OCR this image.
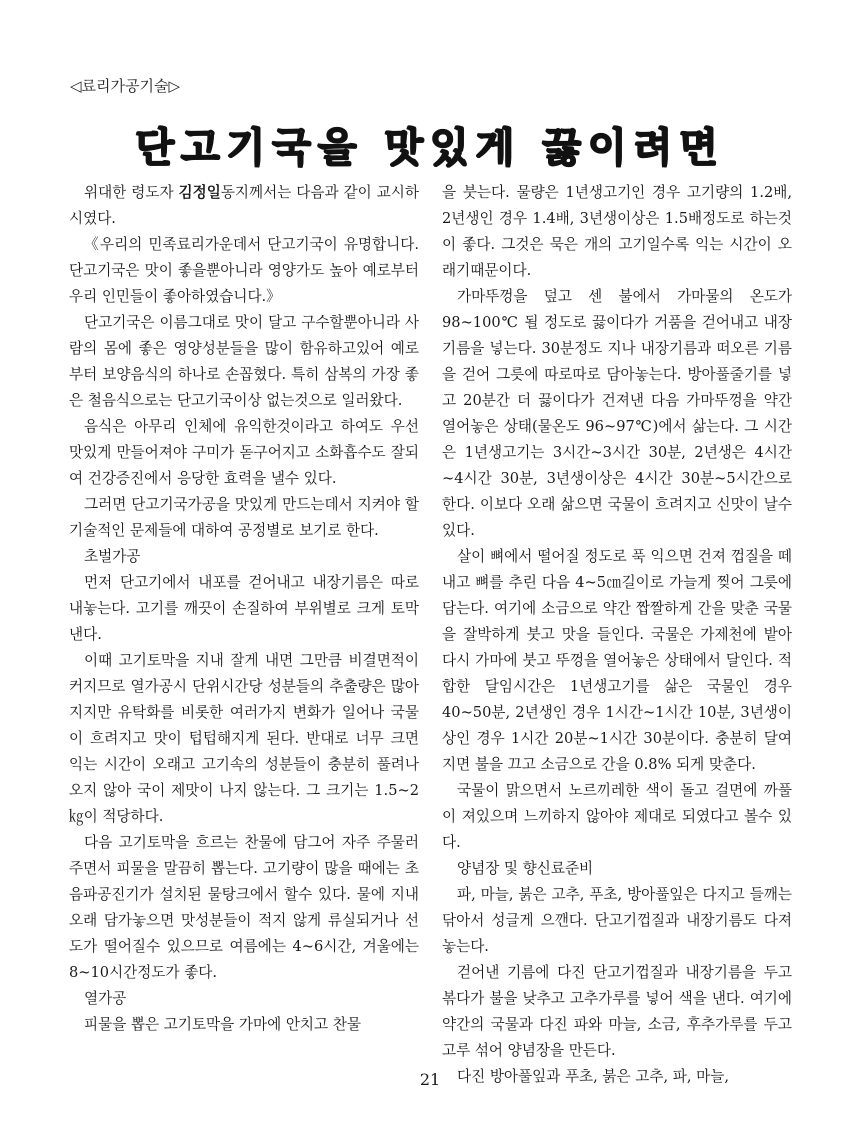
◁료리가공기술▷
단고기국을 맛있게 끓이려면

위대한 령도자 김정일동지께서는 다음과 같이 교시하시였다.

《우리의 민족료리가운데서 단고기국이 유명합니다. 단고기국은 맛이 좋을뿐아니라 영양가도 높아 예로부터 우리 인민들이 좋아하였습니다.》

단고기국은 이름그대로 맛이 달고 구수할뿐아니라 사람의 몸에 좋은 영양성분들을 많이 함유하고있어 예로부터 보양음식의 하나로 손꼽혔다. 특히 삼복의 가장 좋은 철음식으로는 단고기국이상 없는것으로 일러왔다.

음식은 아무리 인체에 유익한것이라고 하여도 우선 맛있게 만들어져야 구미가 돋구어지고 소화흡수도 잘되여 건강증진에서 응당한 효력을 낼수 있다.

그러면 단고기국가공을 맛있게 만드는데서 지켜야 할 기술적인 문제들에 대하여 공정별로 보기로 한다.

초벌가공

먼저 단고기에서 내포를 걷어내고 내장기름은 따로 내놓는다. 고기를 깨끗이 손질하여 부위별로 크게 토막낸다.

이때 고기토막을 지내 잘게 내면 그만큼 비결면적이 커지므로 열가공시 단위시간당 성분들의 추출량은 많아지지만 유탁화를 비롯한 여러가지 변화가 일어나 국물이 흐려지고 맛이 텁텁해지게 된다. 반대로 너무 크면 익는 시간이 오래고 고기속의 성분들이 충분히 풀려나오지 않아 국이 제맛이 나지 않는다. 그 크기는 1.5~2㎏이 적당하다.

다음 고기토막을 흐르는 찬물에 담그어 자주 주물러주면서 피물을 말끔히 뽑는다. 고기량이 많을 때에는 초음파공진기가 설치된 물탕크에서 할수 있다. 물에 지내 오래 담가놓으면 맛성분들이 적지 않게 류실되거나 선도가 떨어질수 있으므로 여름에는 4~6시간, 겨울에는 8~10시간정도가 좋다.

열가공

피물을 뽑은 고기토막을 가마에 안치고 찬물

을 붓는다. 물량은 1년생고기인 경우 고기량의 1.2배, 2년생인 경우 1.4배, 3년생이상은 1.5배정도로 하는것이 좋다. 그것은 묵은 개의 고기일수록 익는 시간이 오래기때문이다.

가마뚜껑을 덮고 센 불에서 가마물의 온도가 98~100℃ 될 정도로 끓이다가 거품을 걷어내고 내장기름을 넣는다. 30분정도 지나 내장기름과 떠오른 기름을 걷어 그릇에 따로따로 담아놓는다. 방아풀줄기를 넣고 20분간 더 끓이다가 건져낸 다음 가마뚜껑을 약간 열어놓은 상태(물온도 96~97℃)에서 삶는다. 그 시간은 1년생고기는 3시간~3시간 30분, 2년생은 4시간~4시간 30분, 3년생이상은 4시간 30분~5시간으로 한다. 이보다 오래 삶으면 국물이 흐려지고 신맛이 날수 있다.

살이 뼈에서 떨어질 정도로 푹 익으면 건져 껍질을 떼내고 뼈를 추린 다음 4~5㎝길이로 가늘게 찢어 그릇에 담는다. 여기에 소금으로 약간 짭짤하게 간을 맞춘 국물을 잘박하게 붓고 맛을 들인다. 국물은 가제천에 밭아 다시 가마에 붓고 뚜껑을 열어놓은 상태에서 달인다. 적합한 달임시간은 1년생고기를 삶은 국물인 경우 40~50분, 2년생인 경우 1시간~1시간 10분, 3년생이상인 경우 1시간 20분~1시간 30분이다. 충분히 달여지면 불을 끄고 소금으로 간을 0.8% 되게 맞춘다.

국물이 맑으면서 노르끼레한 색이 돌고 걸면에 까풀이 져있으며 느끼하지 않아야 제대로 되였다고 볼수 있다.

양념장 및 향신료준비

파, 마늘, 붉은 고추, 푸초, 방아풀잎은 다지고 들깨는 닦아서 성글게 으깬다. 단고기껍질과 내장기름도 다져놓는다.

걷어낸 기름에 다진 단고기껍질과 내장기름을 두고 볶다가 불을 낮추고 고추가루를 넣어 색을 낸다. 여기에 약간의 국물과 다진 파와 마늘, 소금, 후추가루를 두고 고루 섞어 양념장을 만든다.

다진 방아풀잎과 푸초, 붉은 고추, 파, 마늘,

21
